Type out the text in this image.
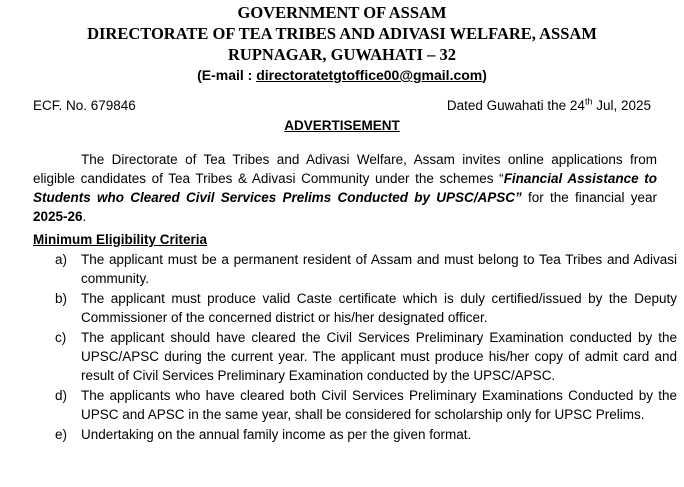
GOVERNMENT OF ASSAM
DIRECTORATE OF TEA TRIBES AND ADIVASI WELFARE, ASSAM
RUPNAGAR, GUWAHATI – 32
(E-mail : directoratetgtoffice00@gmail.com)
ECF. No. 679846	Dated Guwahati the 24th Jul, 2025
ADVERTISEMENT

The Directorate of Tea Tribes and Adivasi Welfare, Assam invites online applications from eligible candidates of Tea Tribes & Adivasi Community under the schemes “Financial Assistance to Students who Cleared Civil Services Prelims Conducted by UPSC/APSC” for the financial year 2025-26.

Minimum Eligibility Criteria
a) The applicant must be a permanent resident of Assam and must belong to Tea Tribes and Adivasi community.
b) The applicant must produce valid Caste certificate which is duly certified/issued by the Deputy Commissioner of the concerned district or his/her designated officer.
c) The applicant should have cleared the Civil Services Preliminary Examination conducted by the UPSC/APSC during the current year. The applicant must produce his/her copy of admit card and result of Civil Services Preliminary Examination conducted by the UPSC/APSC.
d) The applicants who have cleared both Civil Services Preliminary Examinations Conducted by the UPSC and APSC in the same year, shall be considered for scholarship only for UPSC Prelims.
e) Undertaking on the annual family income as per the given format.
